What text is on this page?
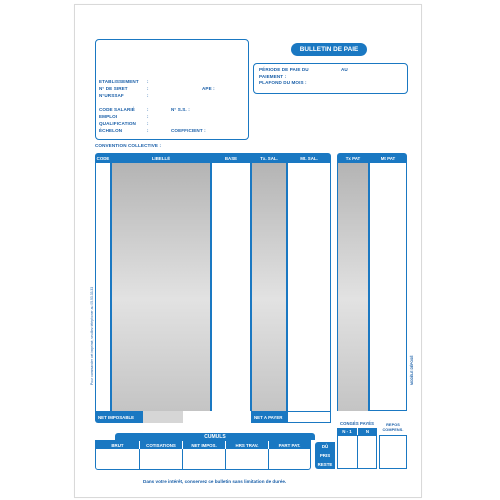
ETABLISSEMENT :
N° DE SIRET	:	APE :
N°URSSAF	:
CODE SALARIÉ	:	N° S.S. :
EMPLOI	:
QUALIFICATION	:
ÉCHELON	:	COEFFICIENT :
BULLETIN DE PAIE
PÉRIODE DE PAIE DU	AU
PAIEMENT :
PLAFOND DU MOIS :
CONVENTION COLLECTIVE :
CODE	LIBELLÉ	BASE	Tx. SAL.	Mt. SAL.
NET IMPOSABLE	NET A PAYER
Tx PAT	Mt PAT
CUMULS
BRUT	COTISATIONS	NET IMPOS.	HRS TRAV.	PART PAT.
CONGÉS PAYÉS	REPOS COMPENS.
N - 1	N
DÛ
PRIS
RESTE
Pour commander cet imprimé, veuillez téléphoner au 05.53.33.33	MODÈLE DÉPOSÉ
Dans votre intérêt, conservez ce bulletin sans limitation de durée.
